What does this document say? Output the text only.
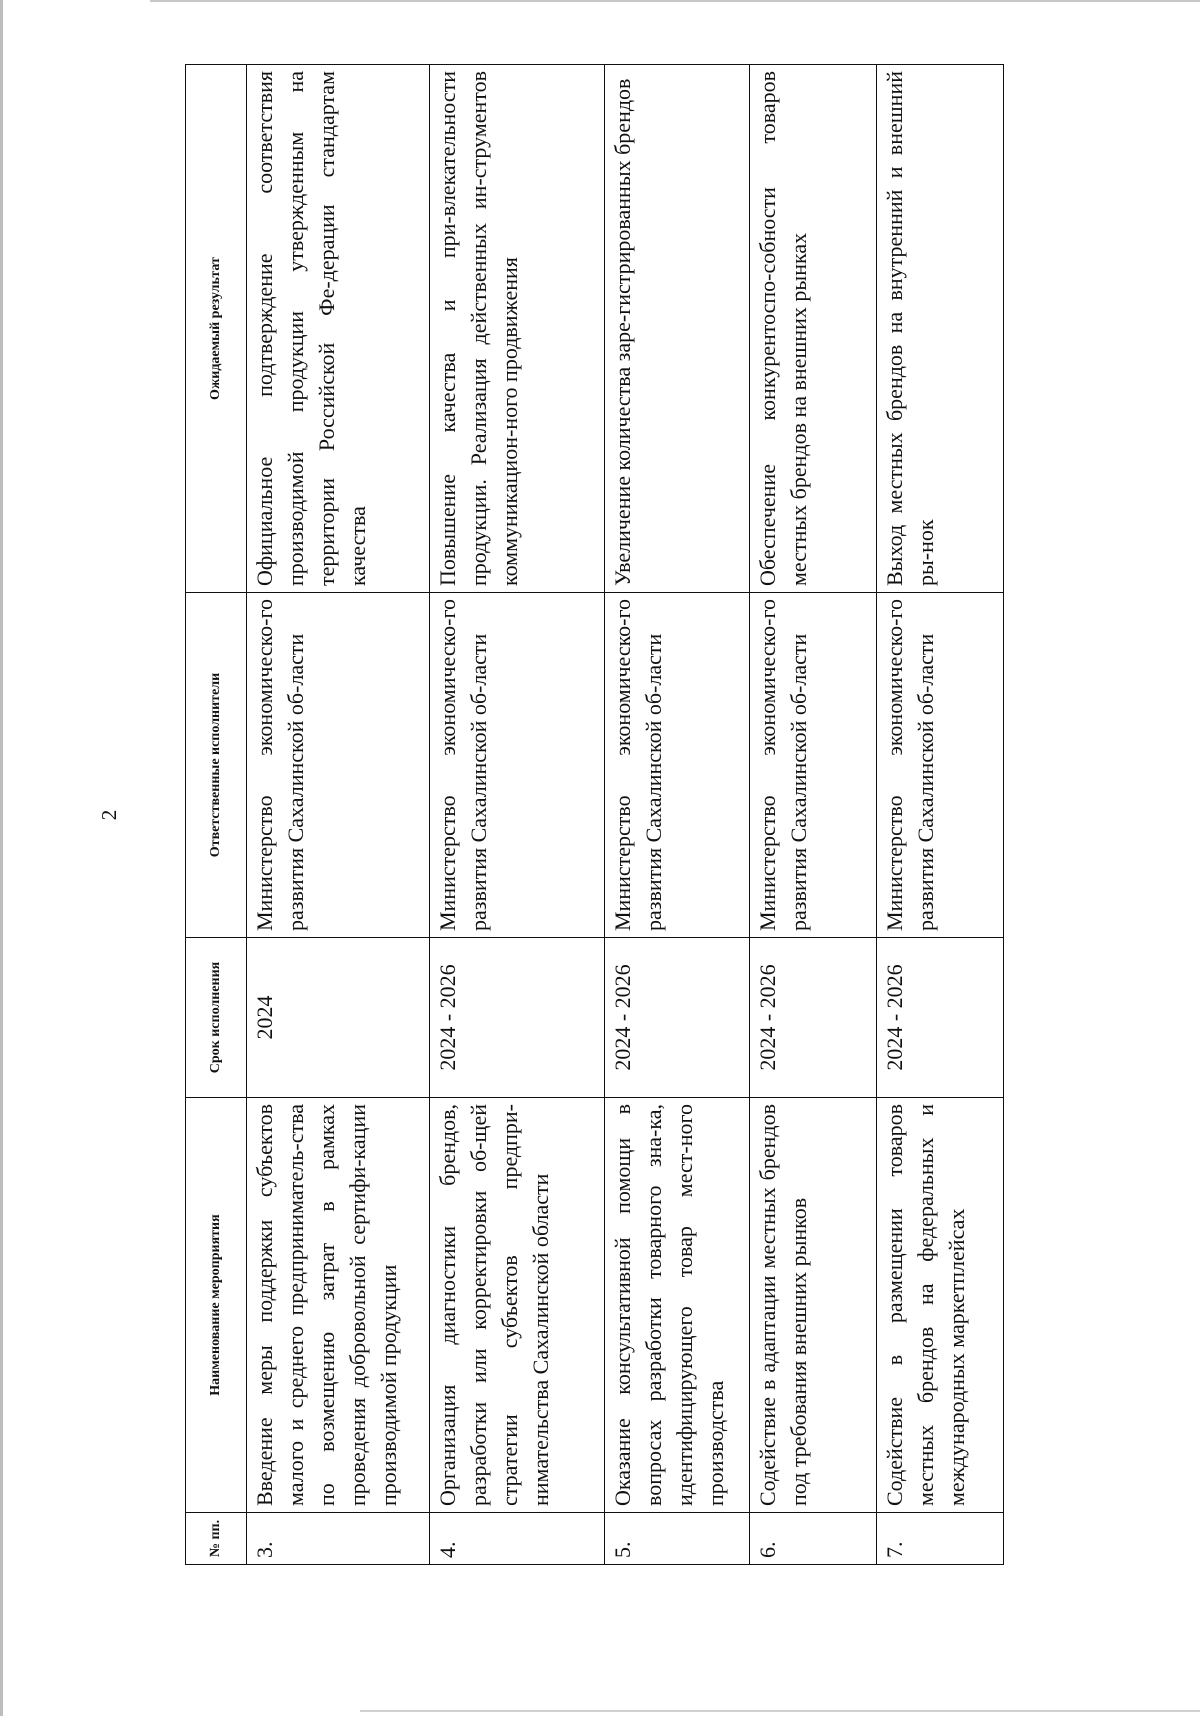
2
№ пп.	Наименование мероприятия	Срок исполнения	Ответственные исполнители	Ожидаемый результат
3.	Введение меры поддержки субъектов малого и среднего предприниматель-ства по возмещению затрат в рамках проведения добровольной сертифи-кации производимой продукции	2024	Министерство экономическо-го развития Сахалинской об-ласти	Официальное подтверждение соответствия производимой продукции утвержденным на территории Российской Фе-дерации стандартам качества
4.	Организация диагностики брендов, разработки или корректировки об-щей стратегии субъектов предпри-нимательства Сахалинской области	2024 - 2026	Министерство экономическо-го развития Сахалинской об-ласти	Повышение качества и при-влекательности продукции. Реализация действенных ин-струментов коммуникацион-ного продвижения
5.	Оказание консультативной помощи в вопросах разработки товарного зна-ка, идентифицирующего товар мест-ного производства	2024 - 2026	Министерство экономическо-го развития Сахалинской об-ласти	Увеличение количества заре-гистрированных брендов
6.	Содействие в адаптации местных брендов под требования внешних рынков	2024 - 2026	Министерство экономическо-го развития Сахалинской об-ласти	Обеспечение конкурентоспо-собности товаров местных брендов на внешних рынках
7.	Содействие в размещении товаров местных брендов на федеральных и международных маркетплейсах	2024 - 2026	Министерство экономическо-го развития Сахалинской об-ласти	Выход местных брендов на внутренний и внешний ры-нок
